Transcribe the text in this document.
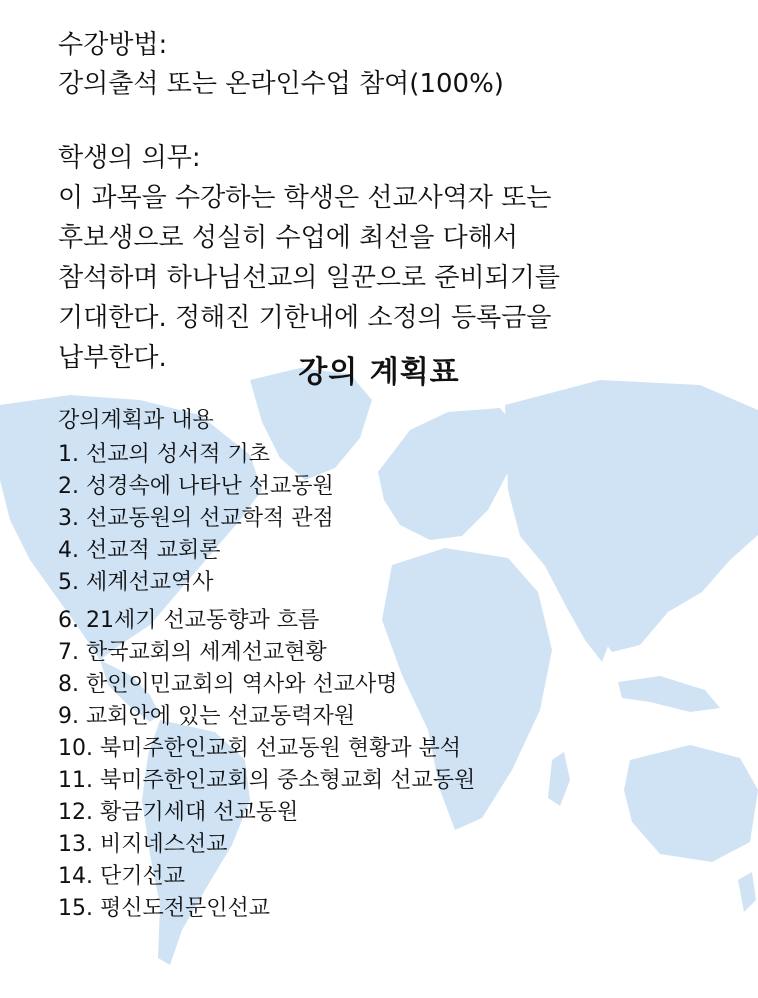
수강방법:
강의출석 또는 온라인수업 참여(100%)
학생의 의무:
이 과목을 수강하는 학생은 선교사역자 또는
후보생으로 성실히 수업에 최선을 다해서
참석하며 하나님선교의 일꾼으로 준비되기를
기대한다. 정해진 기한내에 소정의 등록금을
납부한다.	강의 계획표
강의계획과 내용
1. 선교의 성서적 기초
2. 성경속에 나타난 선교동원
3. 선교동원의 선교학적 관점
4. 선교적 교회론
5. 세계선교역사
6. 21세기 선교동향과 흐름
7. 한국교회의 세계선교현황
8. 한인이민교회의 역사와 선교사명
9. 교회안에 있는 선교동력자원
10. 북미주한인교회 선교동원 현황과 분석
11. 북미주한인교회의 중소형교회 선교동원
12. 황금기세대 선교동원
13. 비지네스선교
14. 단기선교
15. 평신도전문인선교
